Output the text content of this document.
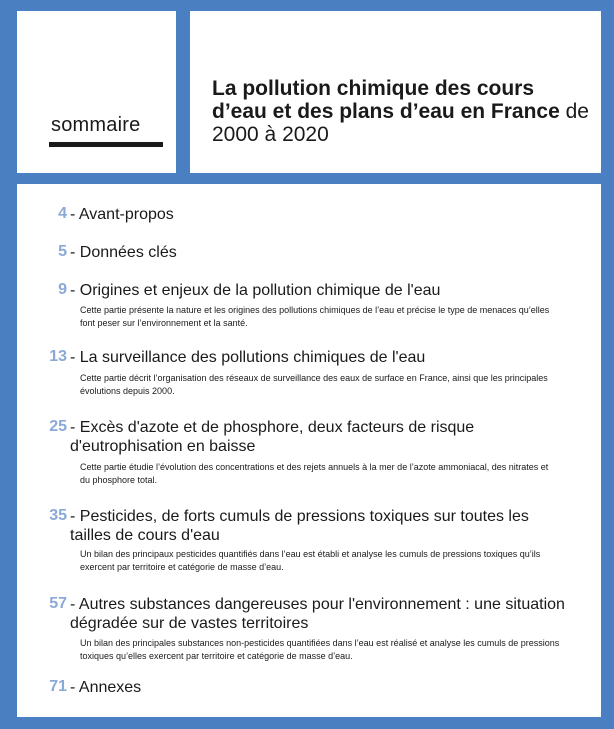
sommaire
La pollution chimique des cours d’eau et des plans d’eau en France de 2000 à 2020
4 - Avant-propos
5 - Données clés
9 - Origines et enjeux de la pollution chimique de l'eau
Cette partie présente la nature et les origines des pollutions chimiques de l’eau et précise le type de menaces qu’elles font peser sur l’environnement et la santé.
13 - La surveillance des pollutions chimiques de l'eau
Cette partie décrit l’organisation des réseaux de surveillance des eaux de surface en France, ainsi que les principales évolutions depuis 2000.
25 - Excès d'azote et de phosphore, deux facteurs de risque d'eutrophisation en baisse
Cette partie étudie l’évolution des concentrations et des rejets annuels à la mer de l’azote ammoniacal, des nitrates et du phosphore total.
35 - Pesticides, de forts cumuls de pressions toxiques sur toutes les tailles de cours d'eau
Un bilan des principaux pesticides quantifiés dans l’eau est établi et analyse les cumuls de pressions toxiques qu’ils exercent par territoire et catégorie de masse d’eau.
57 - Autres substances dangereuses pour l'environnement : une situation dégradée sur de vastes territoires
Un bilan des principales substances non-pesticides quantifiées dans l’eau est réalisé et analyse les cumuls de pressions toxiques qu’elles exercent par territoire et catégorie de masse d’eau.
71 - Annexes
